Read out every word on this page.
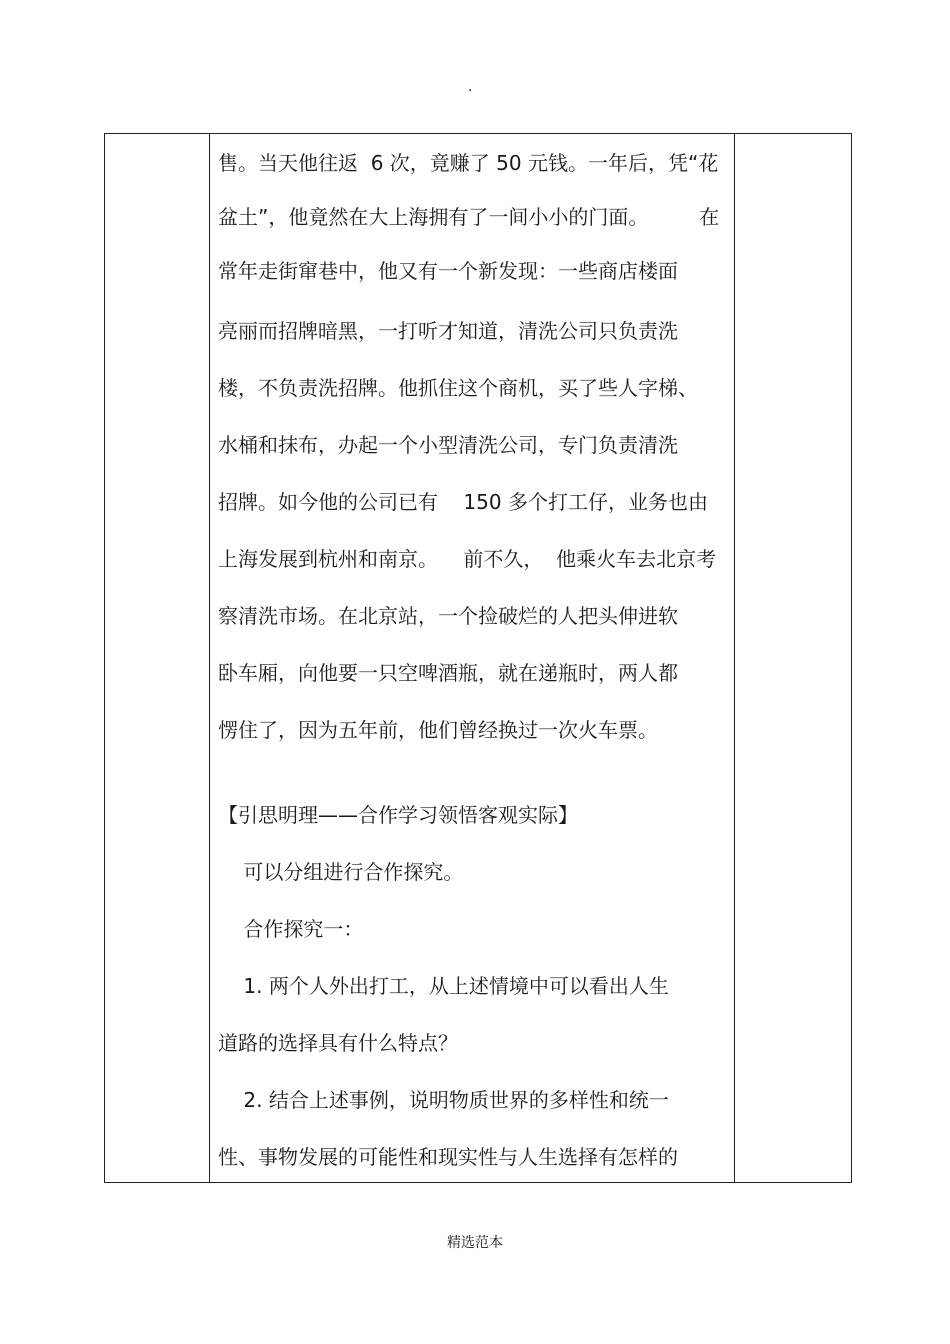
.
售。当天他往返  6 次，竟赚了 50 元钱。一年后，凭“花
盆土”，他竟然在大上海拥有了一间小小的门面。        在
常年走街窜巷中，他又有一个新发现：一些商店楼面
亮丽而招牌暗黑，一打听才知道，清洗公司只负责洗
楼，不负责洗招牌。他抓住这个商机，买了些人字梯、
水桶和抹布，办起一个小型清洗公司，专门负责清洗
招牌。如今他的公司已有    150 多个打工仔，业务也由
上海发展到杭州和南京。    前不久，  他乘火车去北京考
察清洗市场。在北京站，一个捡破烂的人把头伸进软
卧车厢，向他要一只空啤酒瓶，就在递瓶时，两人都
愣住了，因为五年前，他们曾经换过一次火车票。
【引思明理——合作学习领悟客观实际】
可以分组进行合作探究。
合作探究一：
1. 两个人外出打工，从上述情境中可以看出人生
道路的选择具有什么特点？
2. 结合上述事例，说明物质世界的多样性和统一
性、事物发展的可能性和现实性与人生选择有怎样的
精选范本
